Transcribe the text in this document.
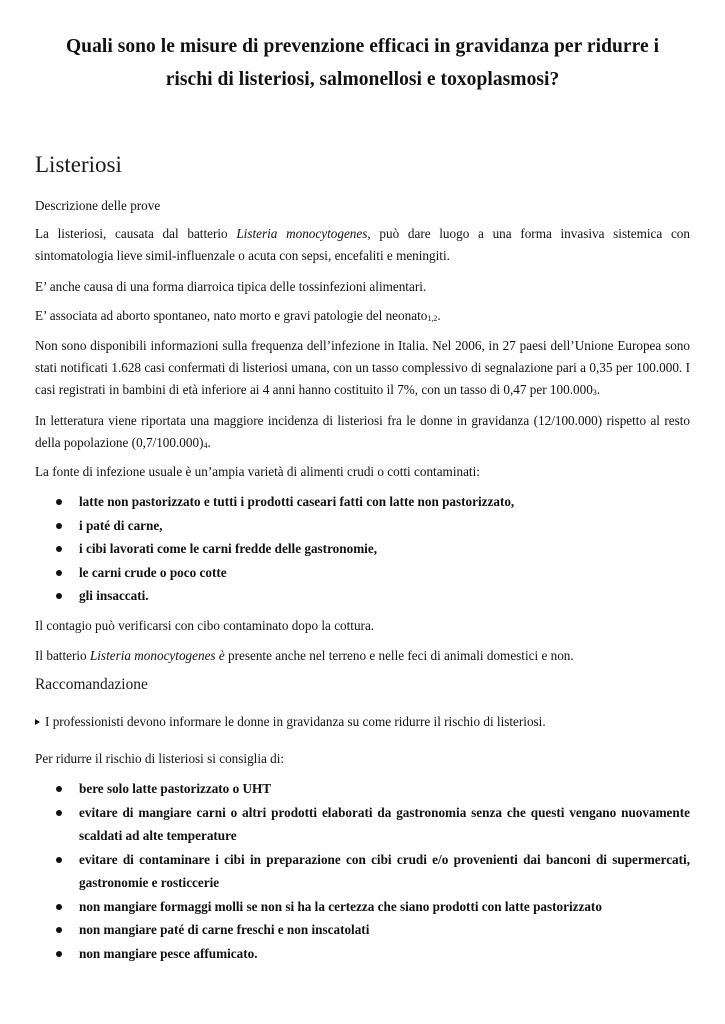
Quali sono le misure di prevenzione efficaci in gravidanza per ridurre i
rischi di listeriosi, salmonellosi e toxoplasmosi?
Listeriosi

Descrizione delle prove

La listeriosi, causata dal batterio Listeria monocytogenes, può dare luogo a una forma invasiva sistemica con sintomatologia lieve simil-influenzale o acuta con sepsi, encefaliti e meningiti.

E’ anche causa di una forma diarroica tipica delle tossinfezioni alimentari.

E’ associata ad aborto spontaneo, nato morto e gravi patologie del neonato$_{1,2}$.

Non sono disponibili informazioni sulla frequenza dell’infezione in Italia. Nel 2006, in 27 paesi dell’Unione Europea sono stati notificati 1.628 casi confermati di listeriosi umana, con un tasso complessivo di segnalazione pari a 0,35 per 100.000. I casi registrati in bambini di età inferiore ai 4 anni hanno costituito il 7%, con un tasso di 0,47 per $100.000_3$.

In letteratura viene riportata una maggiore incidenza di listeriosi fra le donne in gravidanza (12/100.000) rispetto al resto della popolazione $(0,7/100.000)_4$.

La fonte di infezione usuale è un’ampia varietà di alimenti crudi o cotti contaminati:

latte non pastorizzato e tutti i prodotti caseari fatti con latte non pastorizzato,
i paté di carne,
i cibi lavorati come le carni fredde delle gastronomie,
le carni crude o poco cotte
gli insaccati.

Il contagio può verificarsi con cibo contaminato dopo la cottura.

Il batterio Listeria monocytogenes è presente anche nel terreno e nelle feci di animali domestici e non.

Raccomandazione

I professionisti devono informare le donne in gravidanza su come ridurre il rischio di listeriosi.

Per ridurre il rischio di listeriosi si consiglia di:

bere solo latte pastorizzato o UHT
evitare di mangiare carni o altri prodotti elaborati da gastronomia senza che questi vengano nuovamente scaldati ad alte temperature
evitare di contaminare i cibi in preparazione con cibi crudi e/o provenienti dai banconi di supermercati, gastronomie e rosticcerie
non mangiare formaggi molli se non si ha la certezza che siano prodotti con latte pastorizzato
non mangiare paté di carne freschi e non inscatolati
non mangiare pesce affumicato.
